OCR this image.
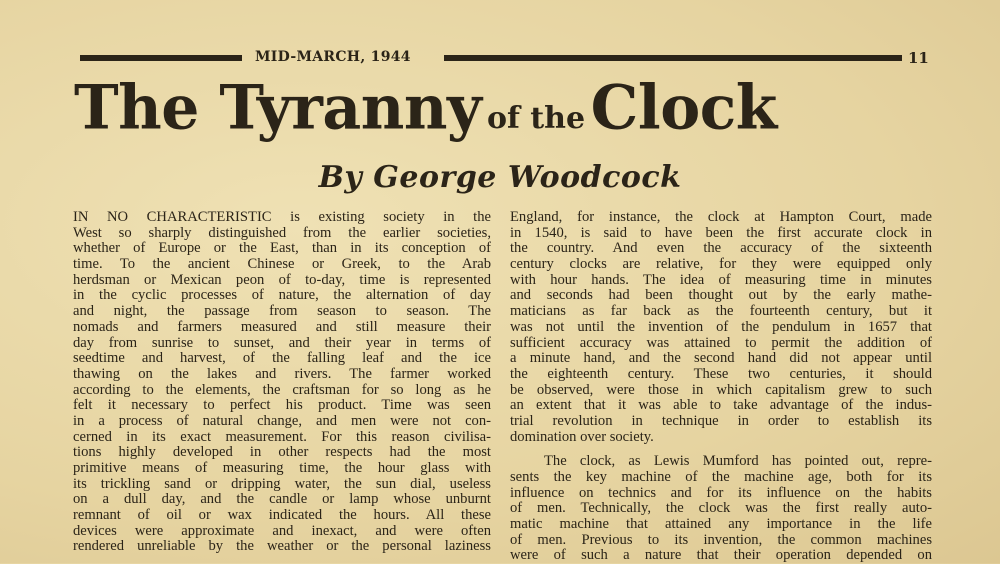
MID-MARCH, 1944	11
The Tyranny of the Clock
By George Woodcock
IN NO CHARACTERISTIC is existing society in the
West so sharply distinguished from the earlier societies,
whether of Europe or the East, than in its conception of
time. To the ancient Chinese or Greek, to the Arab
herdsman or Mexican peon of to-day, time is represented
in the cyclic processes of nature, the alternation of day
and night, the passage from season to season. The
nomads and farmers measured and still measure their
day from sunrise to sunset, and their year in terms of
seedtime and harvest, of the falling leaf and the ice
thawing on the lakes and rivers. The farmer worked
according to the elements, the craftsman for so long as he
felt it necessary to perfect his product. Time was seen
in a process of natural change, and men were not con-
cerned in its exact measurement. For this reason civilisa-
tions highly developed in other respects had the most
primitive means of measuring time, the hour glass with
its trickling sand or dripping water, the sun dial, useless
on a dull day, and the candle or lamp whose unburnt
remnant of oil or wax indicated the hours. All these
devices were approximate and inexact, and were often
rendered unreliable by the weather or the personal laziness
England, for instance, the clock at Hampton Court, made
in 1540, is said to have been the first accurate clock in
the country. And even the accuracy of the sixteenth
century clocks are relative, for they were equipped only
with hour hands. The idea of measuring time in minutes
and seconds had been thought out by the early mathe-
maticians as far back as the fourteenth century, but it
was not until the invention of the pendulum in 1657 that
sufficient accuracy was attained to permit the addition of
a minute hand, and the second hand did not appear until
the eighteenth century. These two centuries, it should
be observed, were those in which capitalism grew to such
an extent that it was able to take advantage of the indus-
trial revolution in technique in order to establish its
domination over society.
The clock, as Lewis Mumford has pointed out, repre-
sents the key machine of the machine age, both for its
influence on technics and for its influence on the habits
of men. Technically, the clock was the first really auto-
matic machine that attained any importance in the life
of men. Previous to its invention, the common machines
were of such a nature that their operation depended on
